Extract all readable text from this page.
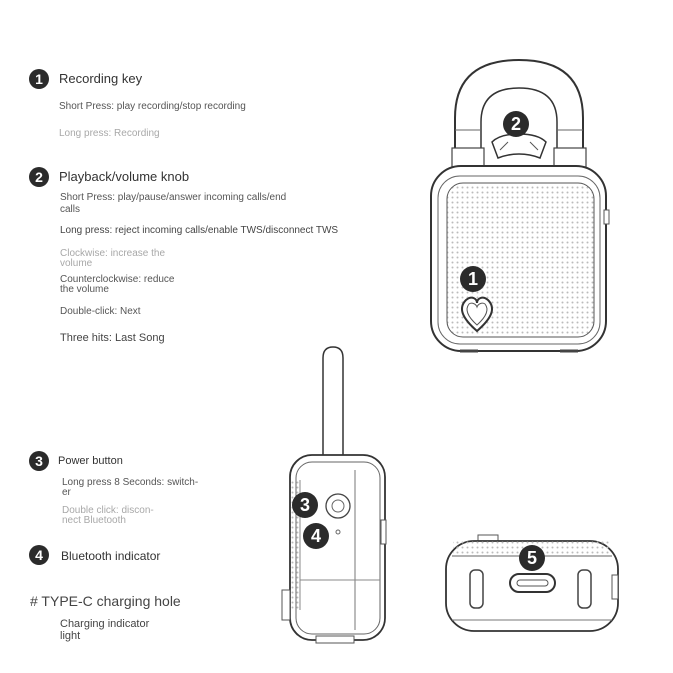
1	Recording key
Short Press: play recording/stop recording
Long press: Recording
2	Playback/volume knob
Short Press: play/pause/answer incoming calls/end
calls
Long press: reject incoming calls/enable TWS/disconnect TWS
Clockwise: increase the
volume
Counterclockwise: reduce
the volume
Double-click: Next
Three hits: Last Song
3	Power button
Long press 8 Seconds: switch-
er
Double click: discon-
nect Bluetooth
4	Bluetooth indicator
# TYPE-C charging hole
Charging indicator
light
2
1
3
4
5
